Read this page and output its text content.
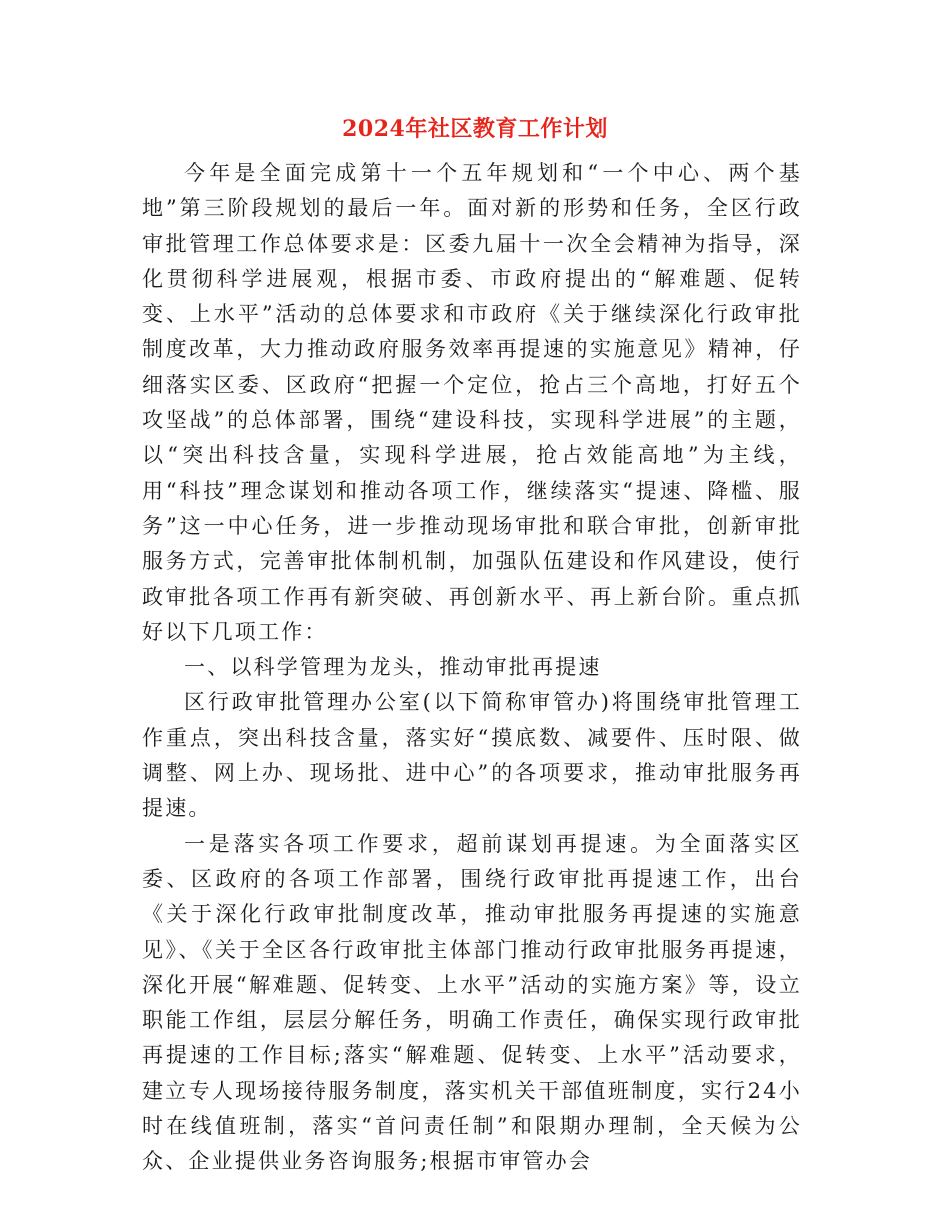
2024年社区教育工作计划

今年是全面完成第十一个五年规划和“一个中心、两个基地”第三阶段规划的最后一年。面对新的形势和任务，全区行政审批管理工作总体要求是：区委九届十一次全会精神为指导，深化贯彻科学进展观，根据市委、市政府提出的“解难题、促转变、上水平”活动的总体要求和市政府《关于继续深化行政审批制度改革，大力推动政府服务效率再提速的实施意见》精神，仔细落实区委、区政府“把握一个定位，抢占三个高地，打好五个攻坚战”的总体部署，围绕“建设科技，实现科学进展”的主题，以“突出科技含量，实现科学进展，抢占效能高地”为主线，用“科技”理念谋划和推动各项工作，继续落实“提速、降槛、服务”这一中心任务，进一步推动现场审批和联合审批，创新审批服务方式，完善审批体制机制，加强队伍建设和作风建设，使行政审批各项工作再有新突破、再创新水平、再上新台阶。重点抓好以下几项工作：

一、以科学管理为龙头，推动审批再提速

区行政审批管理办公室(以下简称审管办)将围绕审批管理工作重点，突出科技含量，落实好“摸底数、减要件、压时限、做调整、网上办、现场批、进中心”的各项要求，推动审批服务再提速。

一是落实各项工作要求，超前谋划再提速。为全面落实区委、区政府的各项工作部署，围绕行政审批再提速工作，出台《关于深化行政审批制度改革，推动审批服务再提速的实施意见》、《关于全区各行政审批主体部门推动行政审批服务再提速，深化开展“解难题、促转变、上水平”活动的实施方案》等，设立职能工作组，层层分解任务，明确工作责任，确保实现行政审批再提速的工作目标;落实“解难题、促转变、上水平”活动要求，建立专人现场接待服务制度，落实机关干部值班制度，实行24小时在线值班制，落实“首问责任制”和限期办理制，全天候为公众、企业提供业务咨询服务;根据市审管办会
